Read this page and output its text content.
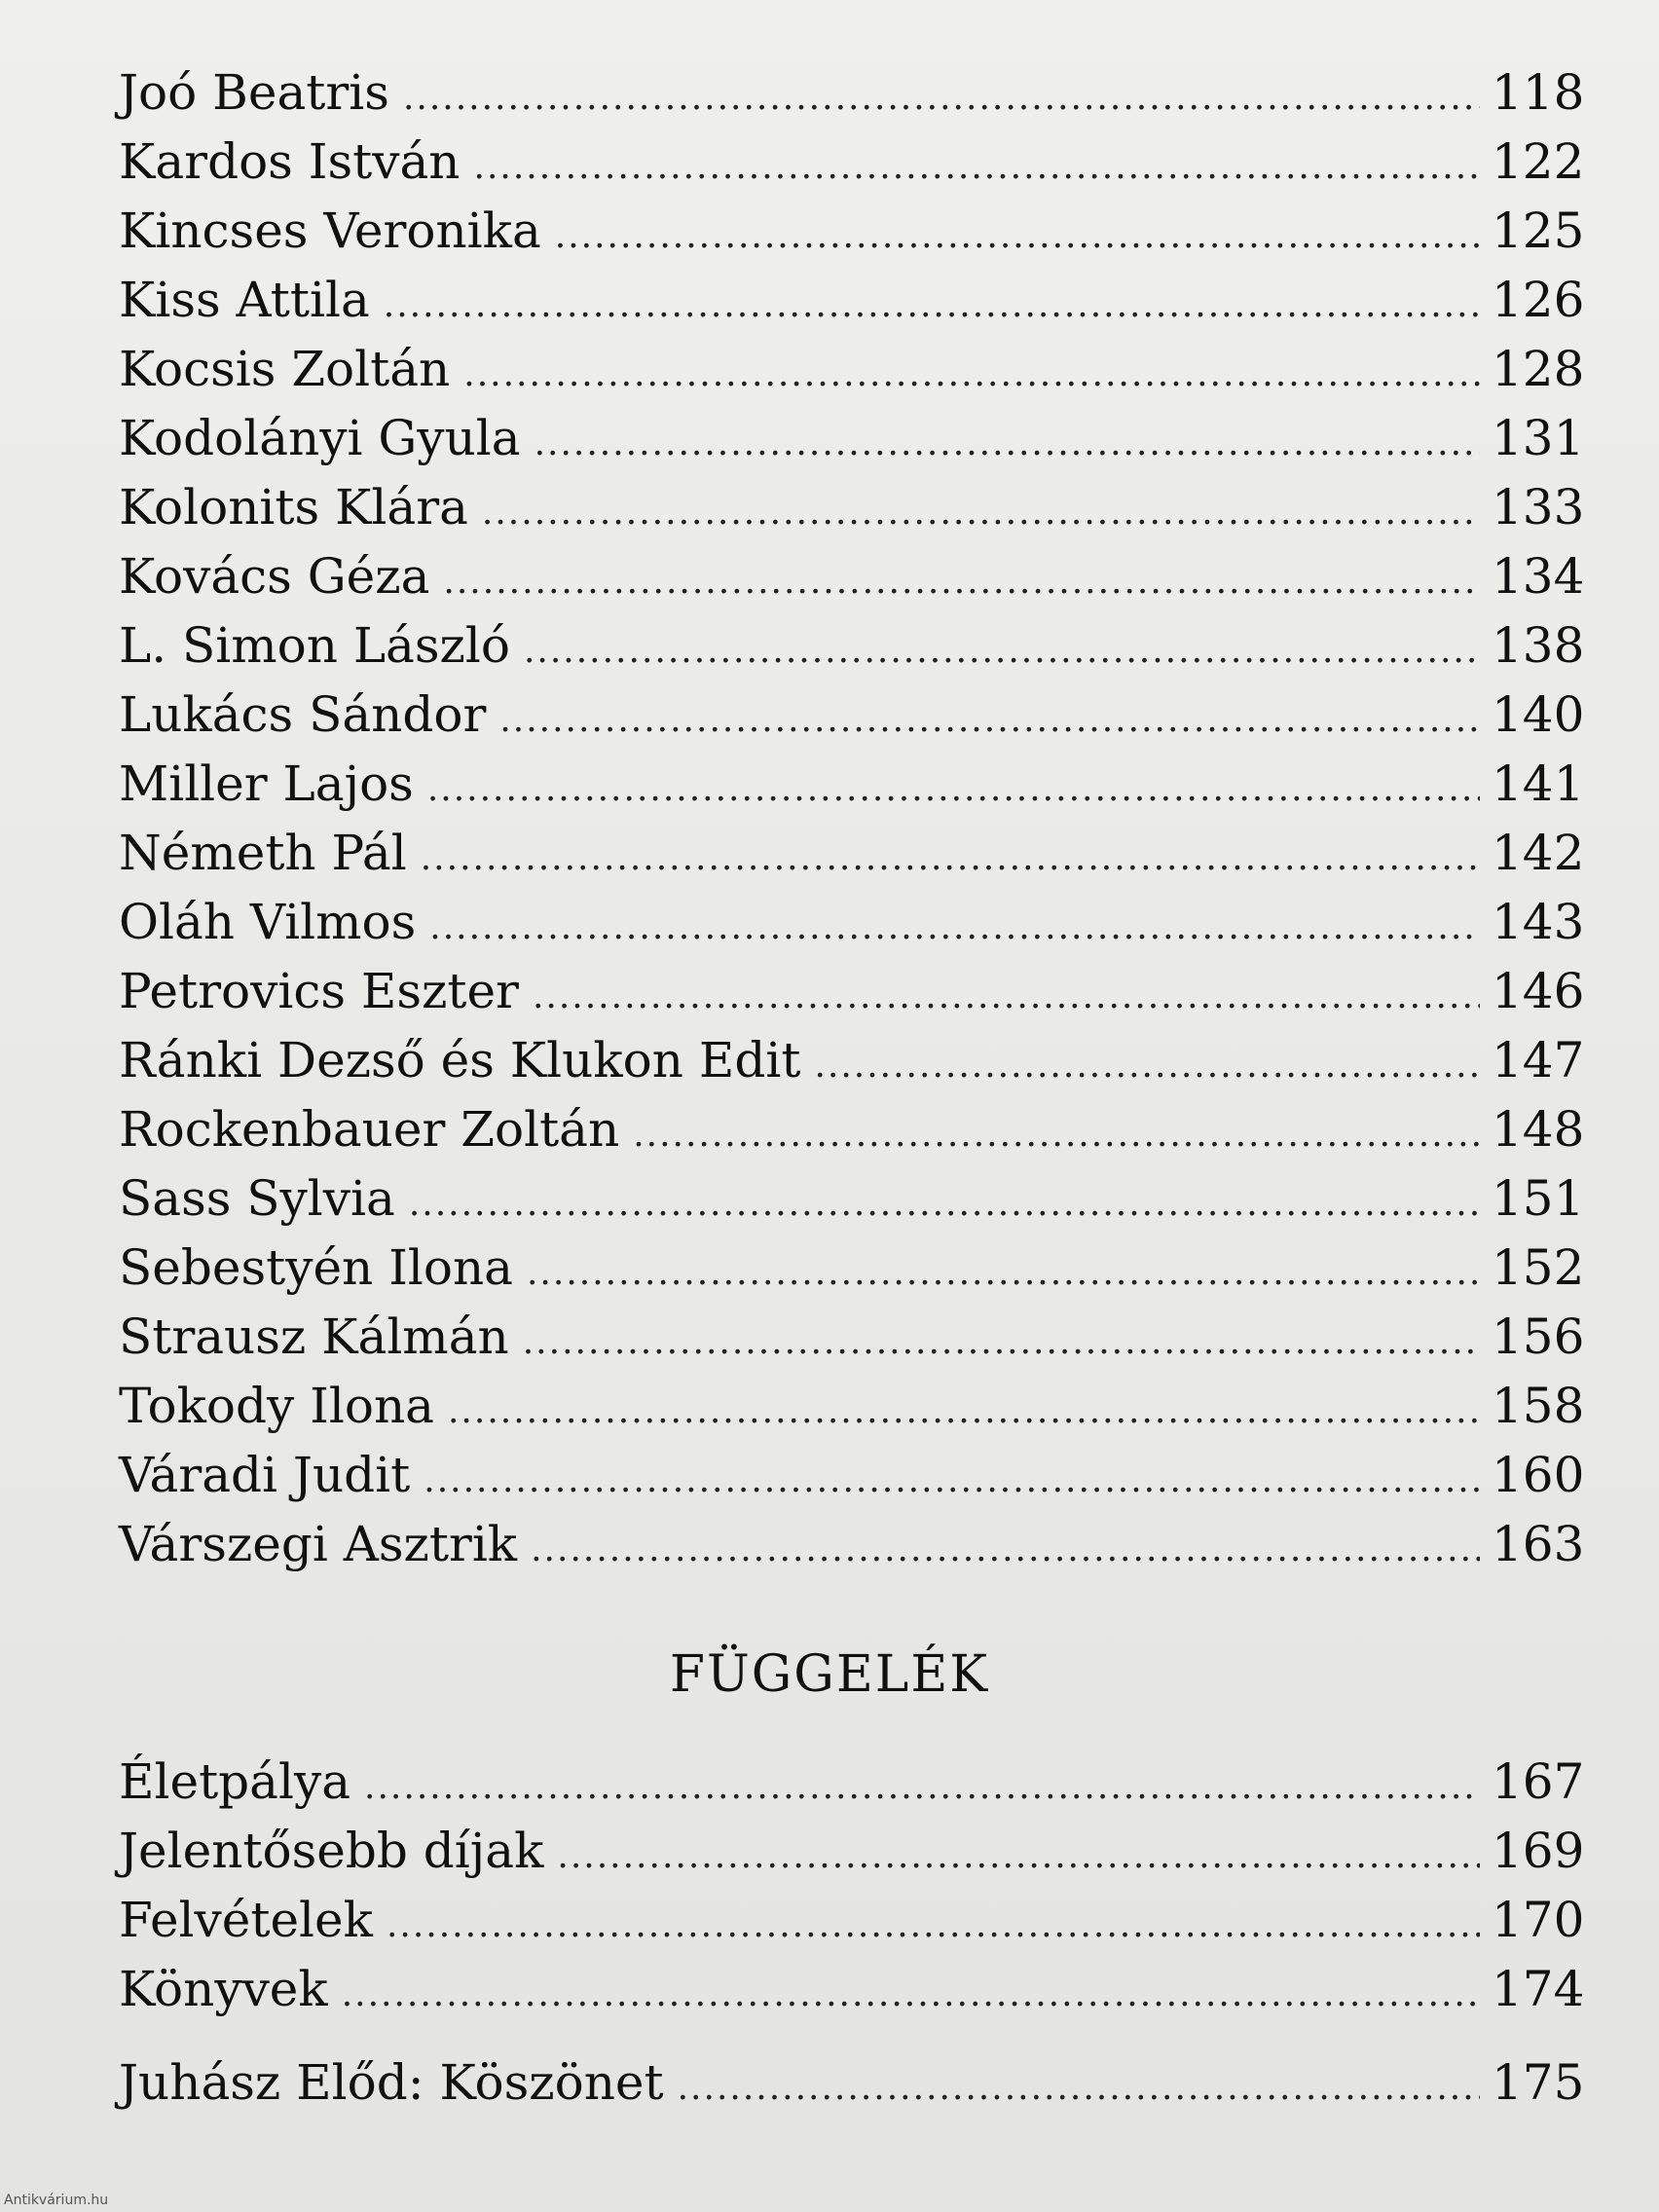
Joó Beatris .....	118
Kardos István .....	122
Kincses Veronika .....	125
Kiss Attila .....	126
Kocsis Zoltán .....	128
Kodolányi Gyula .....	131
Kolonits Klára .....	133
Kovács Géza .....	134
L. Simon László .....	138
Lukács Sándor .....	140
Miller Lajos .....	141
Németh Pál .....	142
Oláh Vilmos .....	143
Petrovics Eszter .....	146
Ránki Dezső és Klukon Edit .....	147
Rockenbauer Zoltán .....	148
Sass Sylvia .....	151
Sebestyén Ilona .....	152
Strausz Kálmán .....	156
Tokody Ilona .....	158
Váradi Judit .....	160
Várszegi Asztrik .....	163
FÜGGELÉK
Életpálya .....	167
Jelentősebb díjak .....	169
Felvételek .....	170
Könyvek .....	174
Juhász Előd: Köszönet .....	175
Antikvárium.hu
